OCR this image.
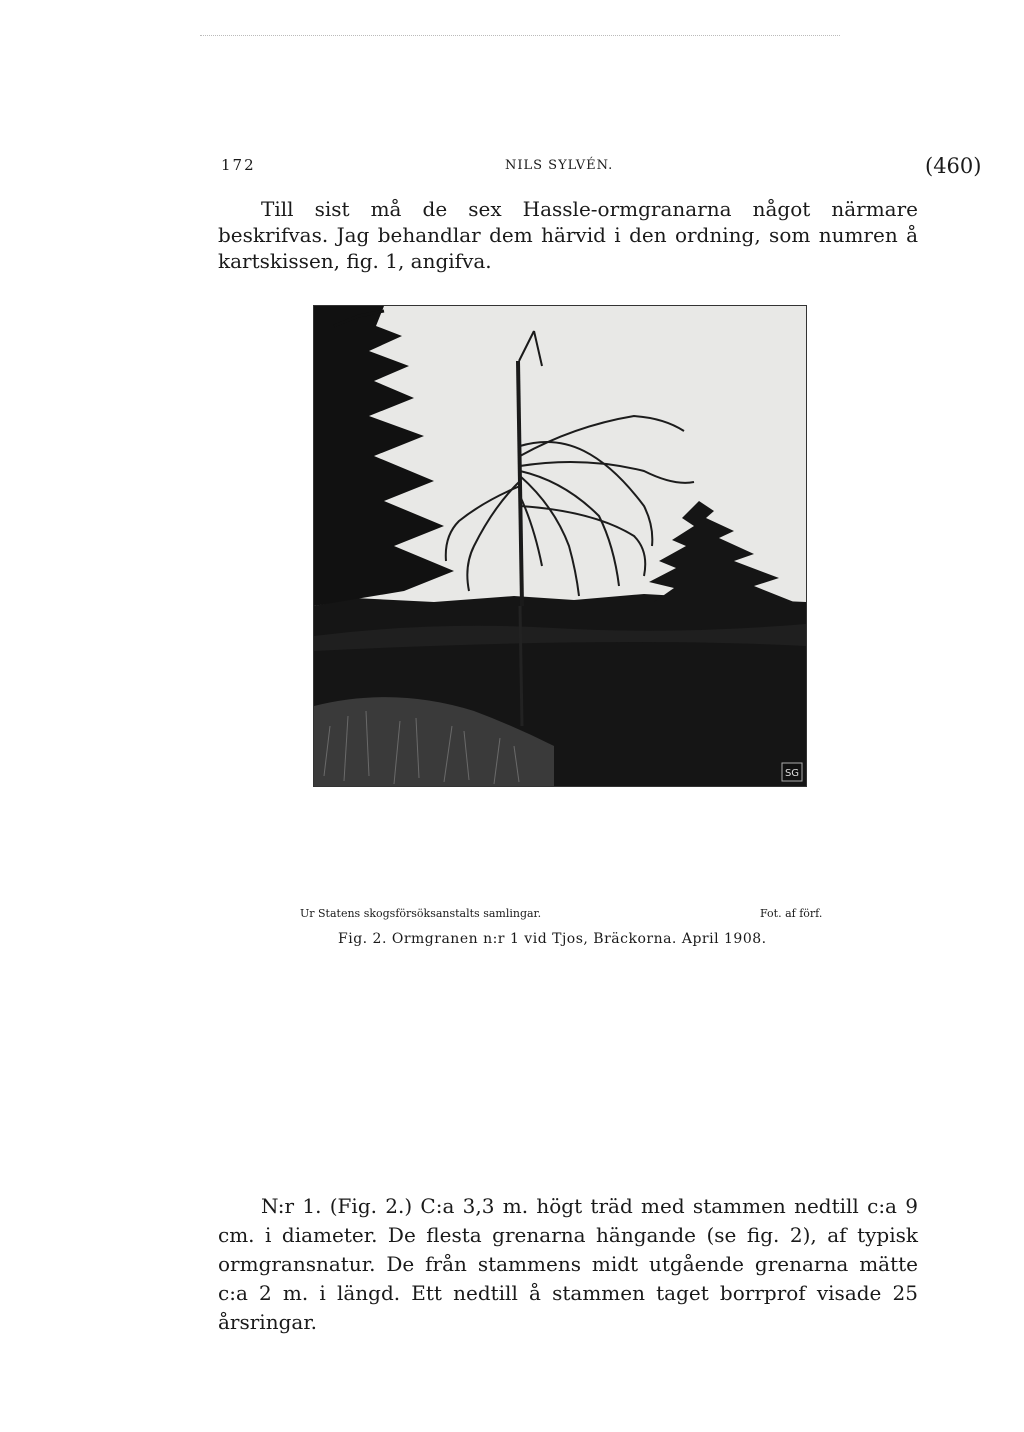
172	NILS SYLVÉN.	(460)
Till sist må de sex Hassle-ormgranarna något närmare beskrifvas. Jag behandlar dem härvid i den ordning, som numren å kartskissen, fig. 1, angifva.
SG
Ur Statens skogsförsöksanstalts samlingar.	Fot. af förf.
Fig. 2. Ormgranen n:r 1 vid Tjos, Bräckorna. April 1908.
N:r 1. (Fig. 2.) C:a 3,3 m. högt träd med stammen nedtill c:a 9 cm. i diameter. De flesta grenarna hängande (se fig. 2), af typisk ormgransnatur. De från stammens midt utgående grenarna mätte c:a 2 m. i längd. Ett nedtill å stammen taget borrprof visade 25 årsringar.
